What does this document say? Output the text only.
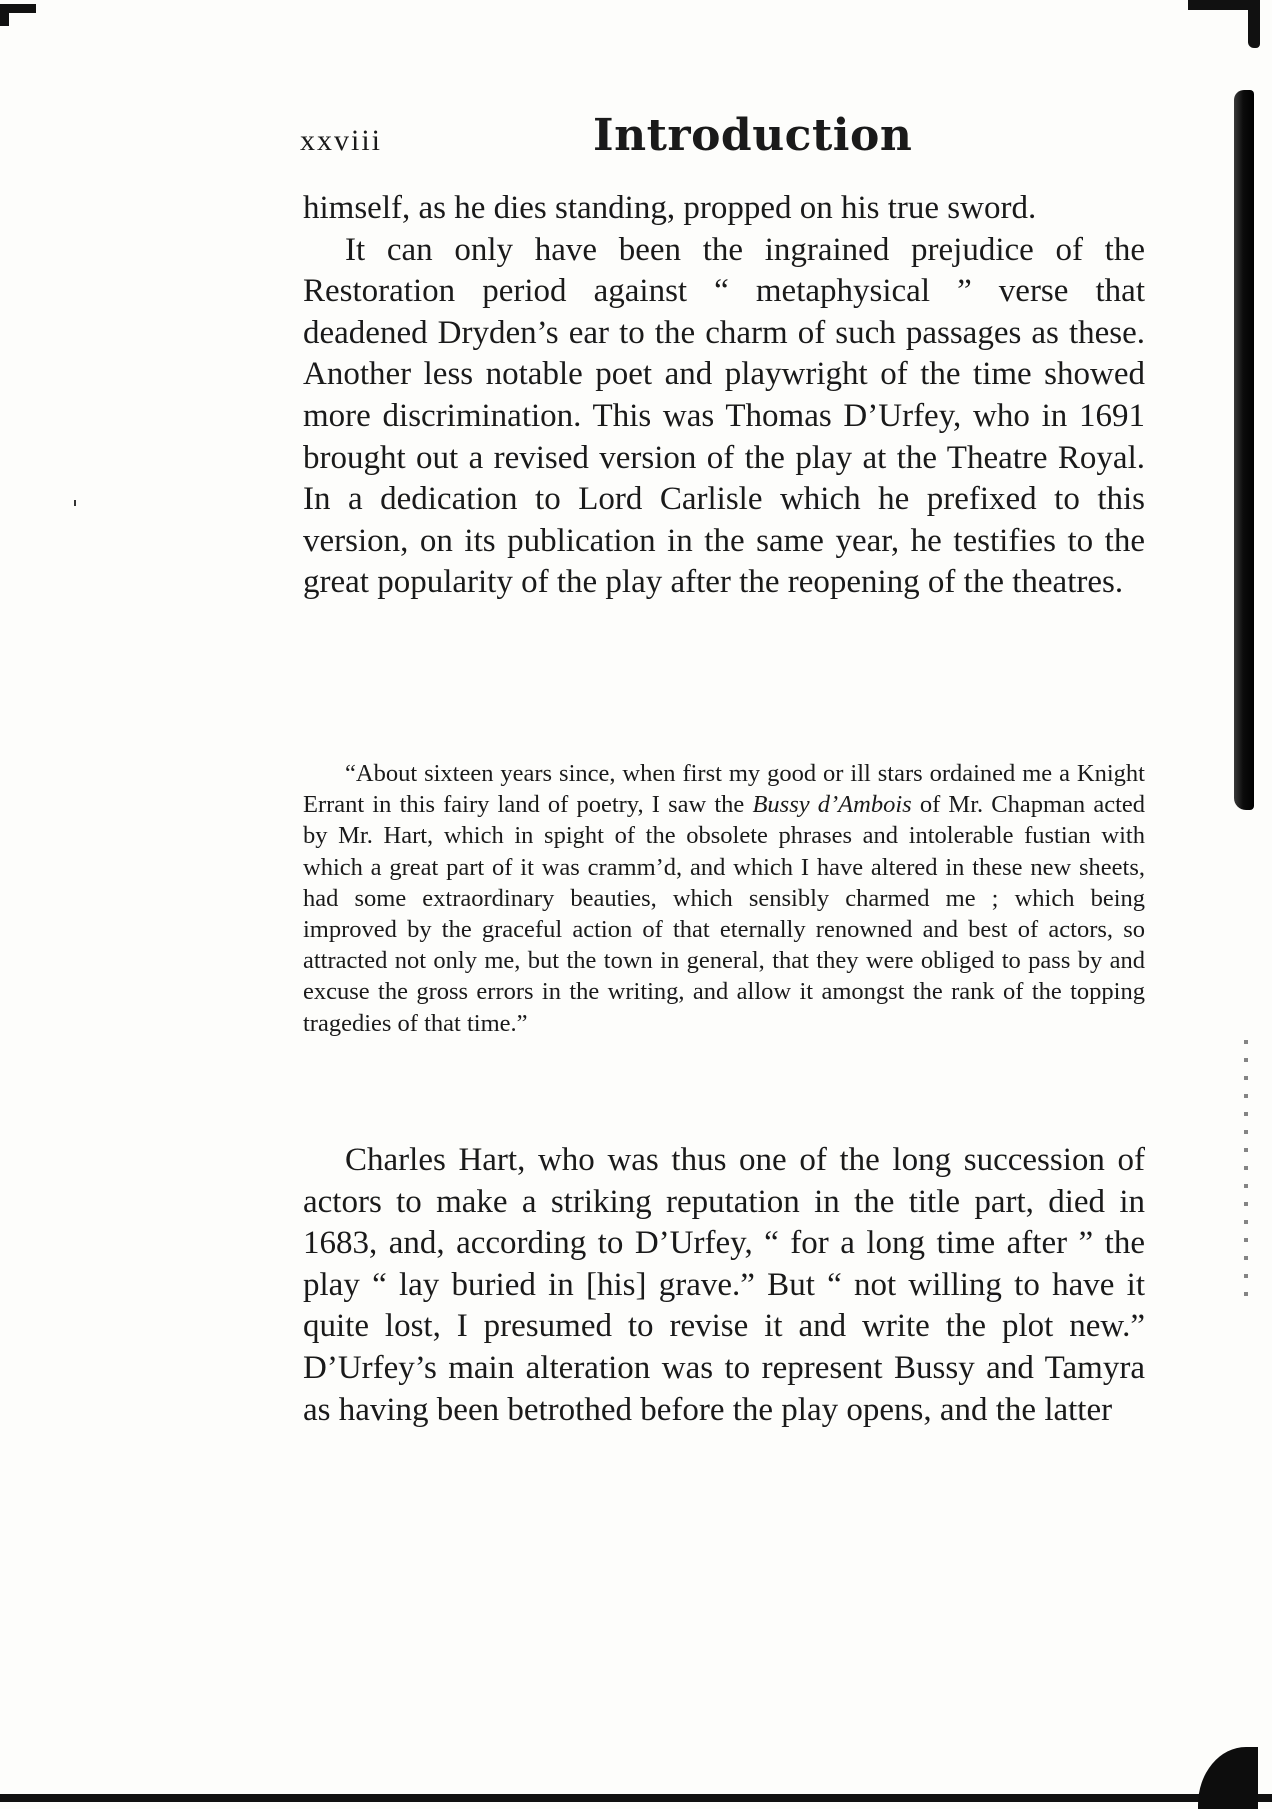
xxviii	Introduction

himself, as he dies standing, propped on his true sword.

It can only have been the ingrained prejudice of the Restoration period against “ metaphysical ” verse that deadened Dryden’s ear to the charm of such passages as these. Another less notable poet and playwright of the time showed more discrimination. This was Thomas D’Urfey, who in 1691 brought out a revised version of the play at the Theatre Royal. In a dedication to Lord Carlisle which he prefixed to this version, on its publication in the same year, he testifies to the great popularity of the play after the reopening of the theatres.

“About sixteen years since, when first my good or ill stars ordained me a Knight Errant in this fairy land of poetry, I saw the Bussy d’Ambois of Mr. Chapman acted by Mr. Hart, which in spight of the obsolete phrases and intolerable fustian with which a great part of it was cramm’d, and which I have altered in these new sheets, had some extraordinary beauties, which sensibly charmed me ; which being improved by the graceful action of that eternally renowned and best of actors, so attracted not only me, but the town in general, that they were obliged to pass by and excuse the gross errors in the writing, and allow it amongst the rank of the topping tragedies of that time.”

Charles Hart, who was thus one of the long succession of actors to make a striking reputation in the title part, died in 1683, and, according to D’Urfey, “ for a long time after ” the play “ lay buried in [his] grave.” But “ not willing to have it quite lost, I presumed to revise it and write the plot new.” D’Urfey’s main alteration was to represent Bussy and Tamyra as having been betrothed before the play opens, and the latter
